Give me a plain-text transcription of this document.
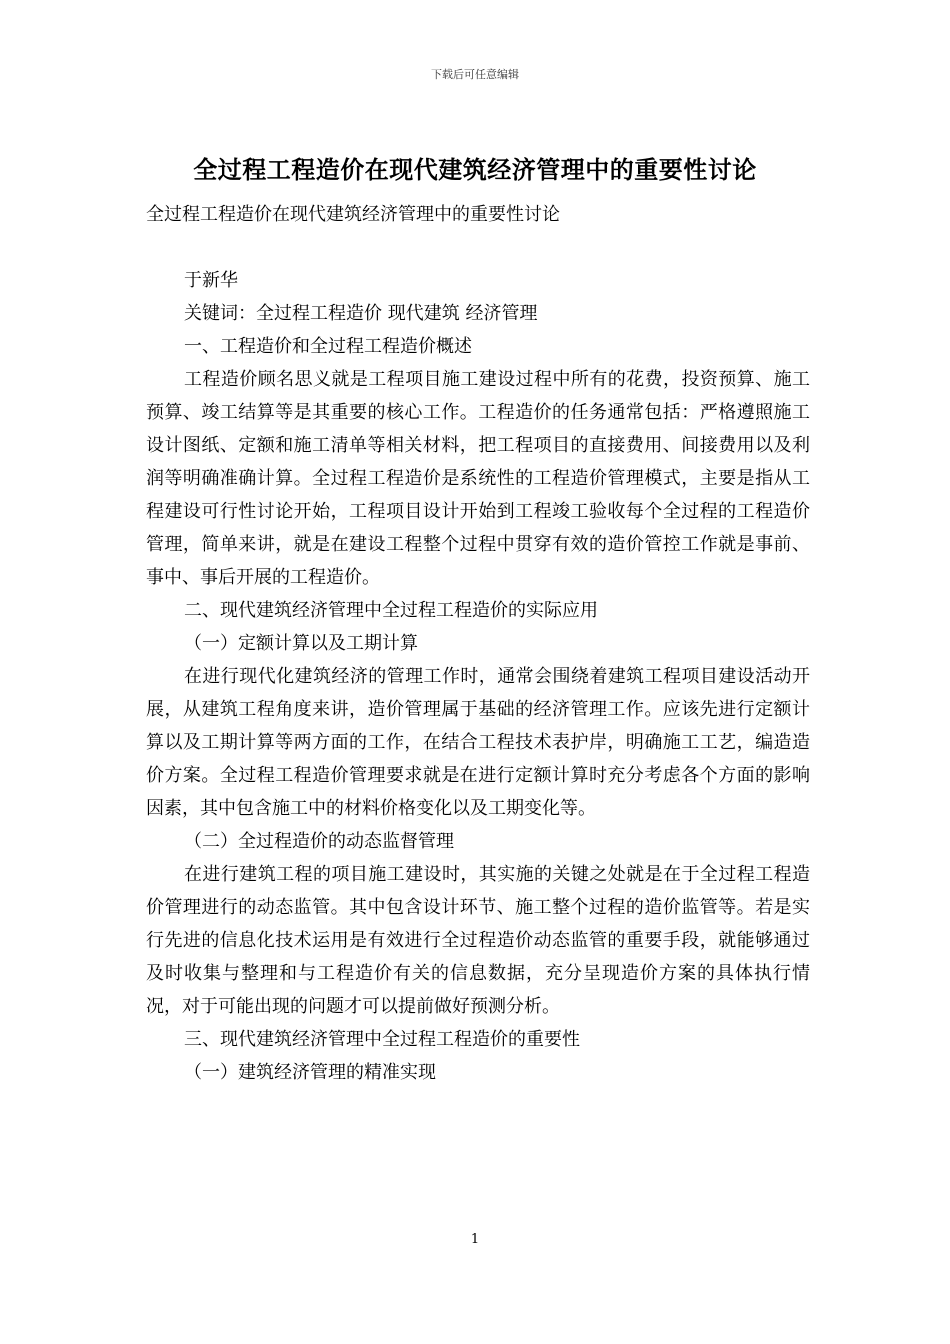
下载后可任意编辑
全过程工程造价在现代建筑经济管理中的重要性讨论

全过程工程造价在现代建筑经济管理中的重要性讨论

于新华

关键词：全过程工程造价 现代建筑 经济管理

一、工程造价和全过程工程造价概述

工程造价顾名思义就是工程项目施工建设过程中所有的花费，投资预算、施工预算、竣工结算等是其重要的核心工作。工程造价的任务通常包括：严格遵照施工设计图纸、定额和施工清单等相关材料，把工程项目的直接费用、间接费用以及利润等明确准确计算。全过程工程造价是系统性的工程造价管理模式，主要是指从工程建设可行性讨论开始，工程项目设计开始到工程竣工验收每个全过程的工程造价管理，简单来讲，就是在建设工程整个过程中贯穿有效的造价管控工作就是事前、事中、事后开展的工程造价。

二、现代建筑经济管理中全过程工程造价的实际应用

（一）定额计算以及工期计算

在进行现代化建筑经济的管理工作时，通常会围绕着建筑工程项目建设活动开展，从建筑工程角度来讲，造价管理属于基础的经济管理工作。应该先进行定额计算以及工期计算等两方面的工作，在结合工程技术表护岸，明确施工工艺，编造造价方案。全过程工程造价管理要求就是在进行定额计算时充分考虑各个方面的影响因素，其中包含施工中的材料价格变化以及工期变化等。

（二）全过程造价的动态监督管理

在进行建筑工程的项目施工建设时，其实施的关键之处就是在于全过程工程造价管理进行的动态监管。其中包含设计环节、施工整个过程的造价监管等。若是实行先进的信息化技术运用是有效进行全过程造价动态监管的重要手段，就能够通过及时收集与整理和与工程造价有关的信息数据，充分呈现造价方案的具体执行情况，对于可能出现的问题才可以提前做好预测分析。

三、现代建筑经济管理中全过程工程造价的重要性

（一）建筑经济管理的精准实现

1
